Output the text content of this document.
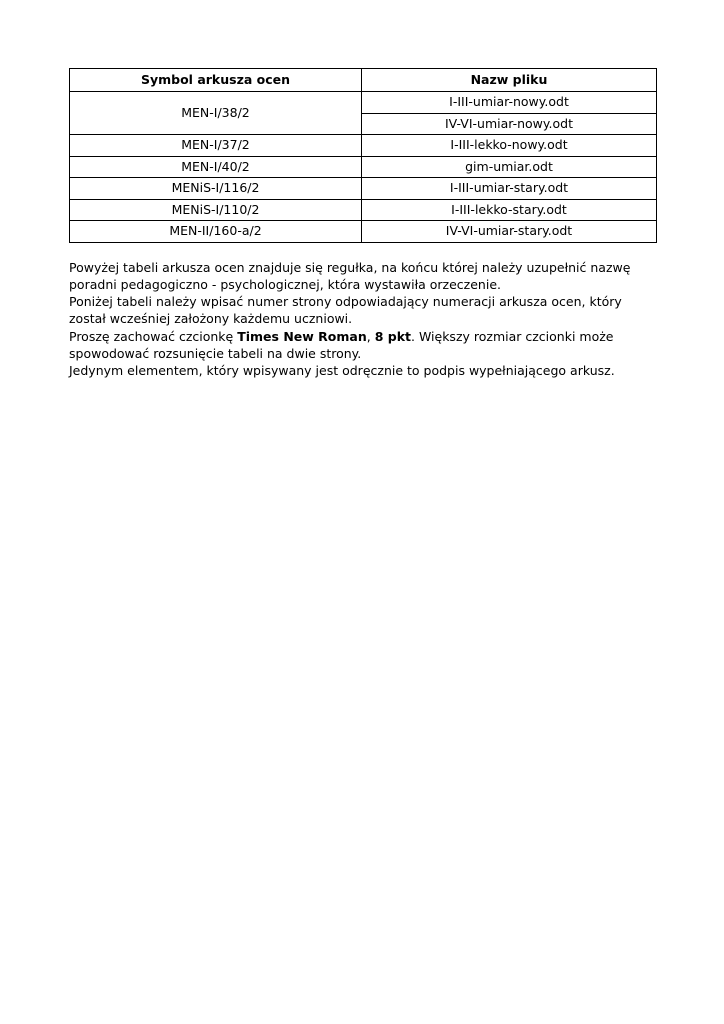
Symbol arkusza ocen	Nazw pliku
MEN-I/38/2	I-III-umiar-nowy.odt
	IV-VI-umiar-nowy.odt
MEN-I/37/2	I-III-lekko-nowy.odt
MEN-I/40/2	gim-umiar.odt
MENiS-I/116/2	I-III-umiar-stary.odt
MENiS-I/110/2	I-III-lekko-stary.odt
MEN-II/160-a/2	IV-VI-umiar-stary.odt

Powyżej tabeli arkusza ocen znajduje się regułka, na końcu której należy uzupełnić nazwę poradni pedagogiczno - psychologicznej, która wystawiła orzeczenie.

Poniżej tabeli należy wpisać numer strony odpowiadający numeracji arkusza ocen, który został wcześniej założony każdemu uczniowi.

Proszę zachować czcionkę Times New Roman, 8 pkt. Większy rozmiar czcionki może spowodować rozsunięcie tabeli na dwie strony.

Jedynym elementem, który wpisywany jest odręcznie to podpis wypełniającego arkusz.
